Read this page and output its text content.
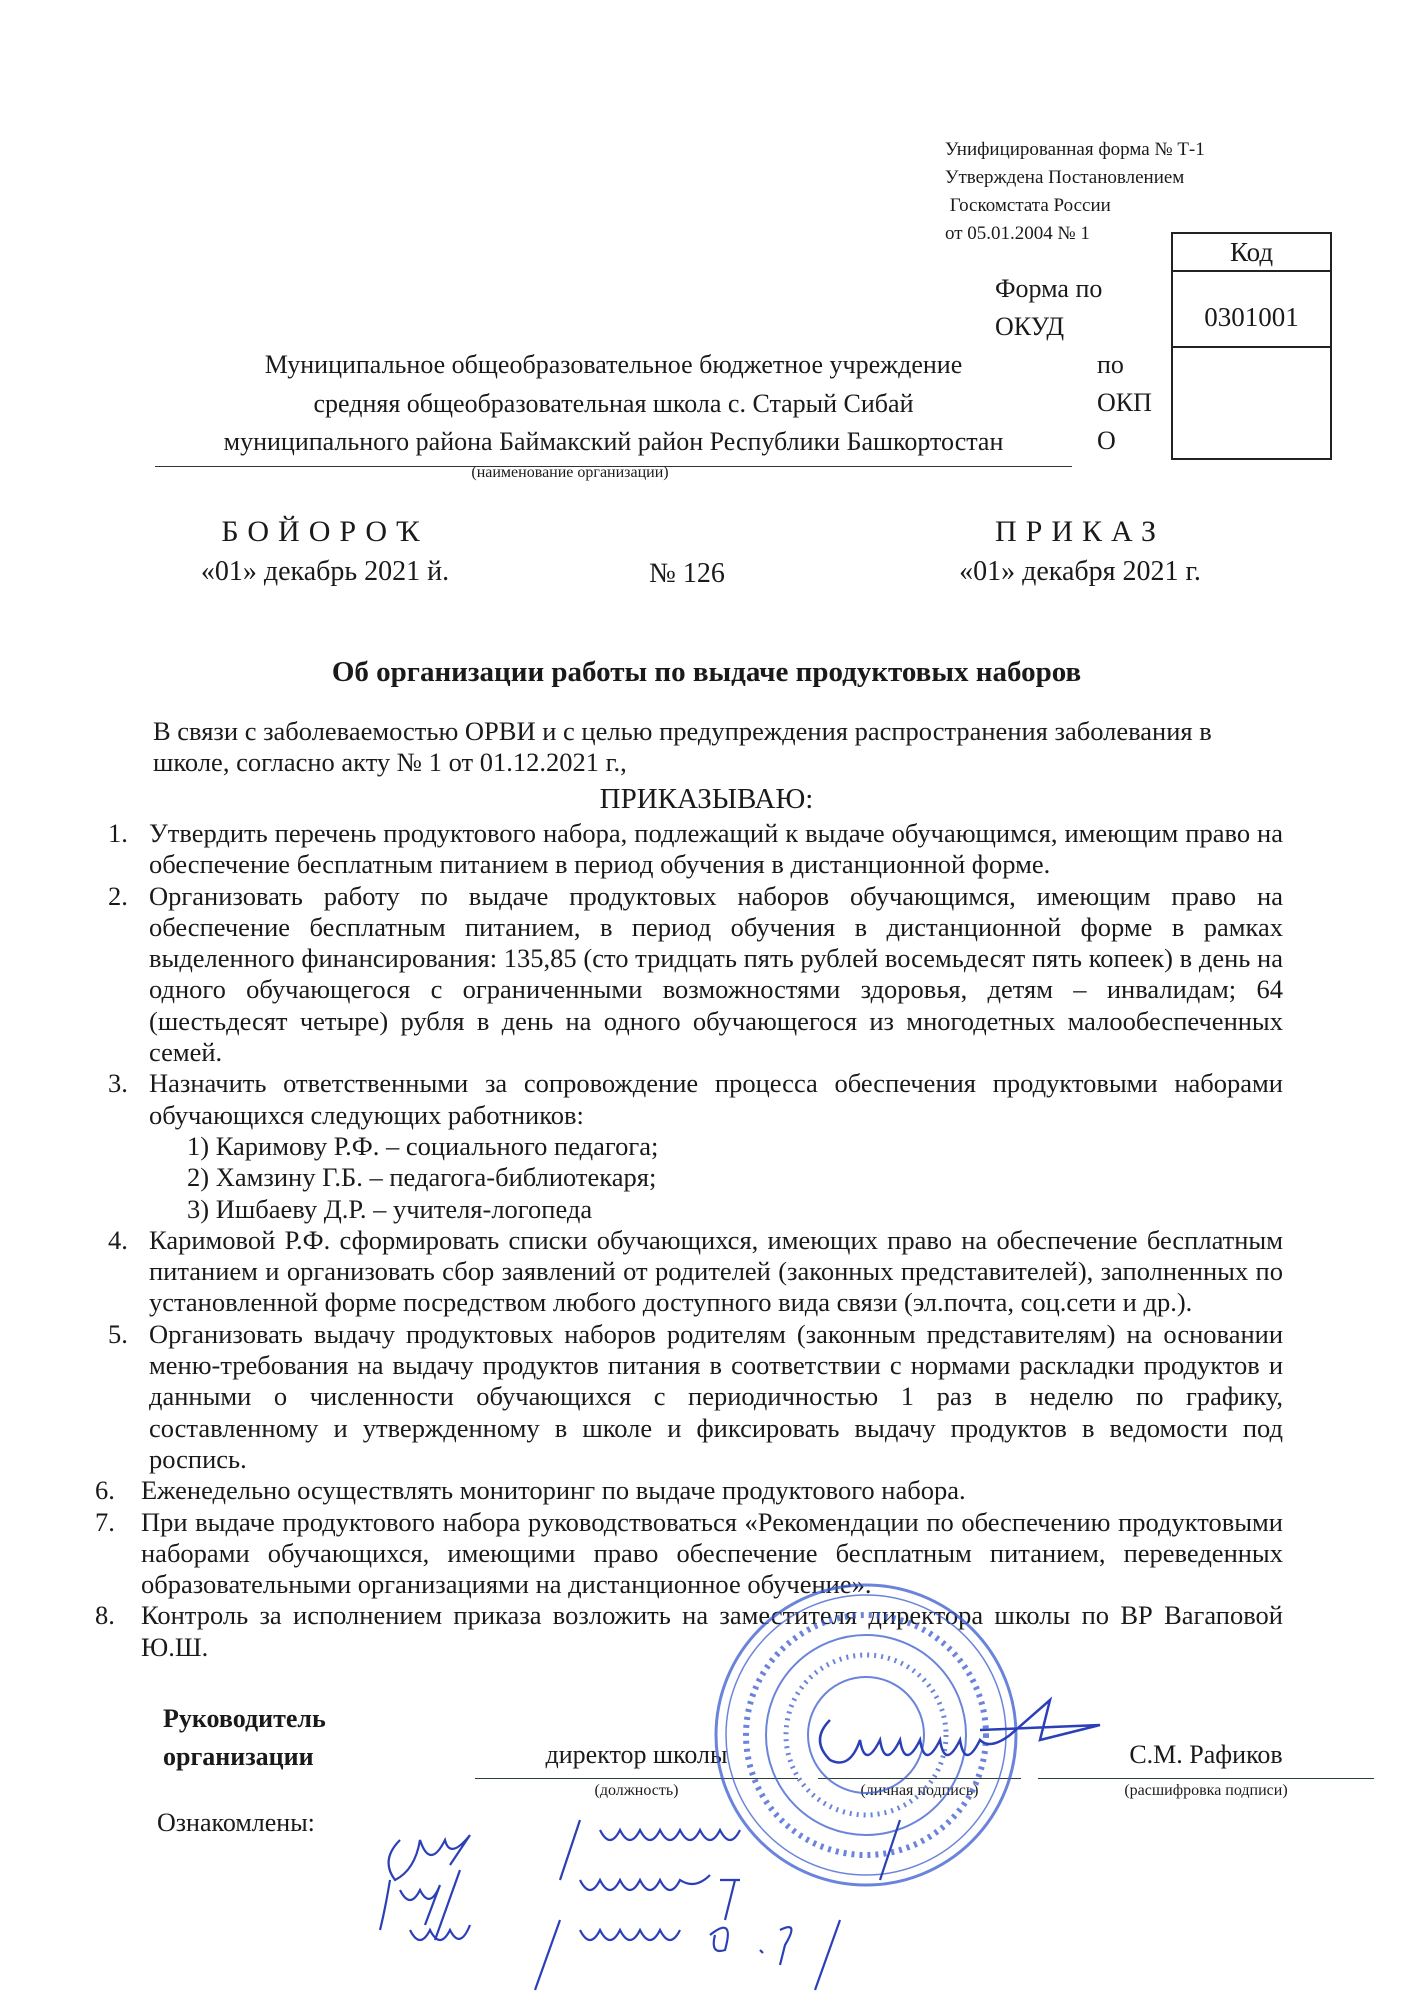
Унифицированная форма № Т-1
Утверждена Постановлением
Госкомстата России
от 05.01.2004 № 1
Код
0301001
Форма по
ОКУД
по
ОКП
О
Муниципальное общеобразовательное бюджетное учреждение
средняя общеобразовательная школа с. Старый Сибай
муниципального района Баймакский район Республики Башкортостан
(наименование организации)
БОЙОРОҠ
«01» декабрь 2021 й.	№ 126
ПРИКАЗ
«01» декабря 2021 г.
Об организации работы по выдаче продуктовых наборов
В связи с заболеваемостью ОРВИ и с целью предупреждения распространения заболевания в школе, согласно акту № 1 от 01.12.2021 г.,
ПРИКАЗЫВАЮ:
1. Утвердить перечень продуктового набора, подлежащий к выдаче обучающимся, имеющим право на обеспечение бесплатным питанием в период обучения в дистанционной форме.
2. Организовать работу по выдаче продуктовых наборов обучающимся, имеющим право на обеспечение бесплатным питанием, в период обучения в дистанционной форме в рамках выделенного финансирования: 135,85 (сто тридцать пять рублей восемьдесят пять копеек) в день на одного обучающегося с ограниченными возможностями здоровья, детям – инвалидам; 64 (шестьдесят четыре) рубля в день на одного обучающегося из многодетных малообеспеченных семей.
3. Назначить ответственными за сопровождение процесса обеспечения продуктовыми наборами обучающихся следующих работников:
1) Каримову Р.Ф. – социального педагога;
2) Хамзину Г.Б. – педагога-библиотекаря;
3) Ишбаеву Д.Р. – учителя-логопеда
4. Каримовой Р.Ф. сформировать списки обучающихся, имеющих право на обеспечение бесплатным питанием и организовать сбор заявлений от родителей (законных представителей), заполненных по установленной форме посредством любого доступного вида связи (эл.почта, соц.сети и др.).
5. Организовать выдачу продуктовых наборов родителям (законным представителям) на основании меню-требования на выдачу продуктов питания в соответствии с нормами раскладки продуктов и данными о численности обучающихся с периодичностью 1 раз в неделю по графику, составленному и утвержденному в школе и фиксировать выдачу продуктов в ведомости под роспись.
6. Еженедельно осуществлять мониторинг по выдаче продуктового набора.
7. При выдаче продуктового набора руководствоваться «Рекомендации по обеспечению продуктовыми наборами обучающихся, имеющими право обеспечение бесплатным питанием, переведенных образовательными организациями на дистанционное обучение».
8. Контроль за исполнением приказа возложить на заместителя директора школы по ВР Вагаповой Ю.Ш.
Руководитель
организации	директор школы	С.М. Рафиков
(должность)	(личная подпись)	(расшифровка подписи)
Ознакомлены:
